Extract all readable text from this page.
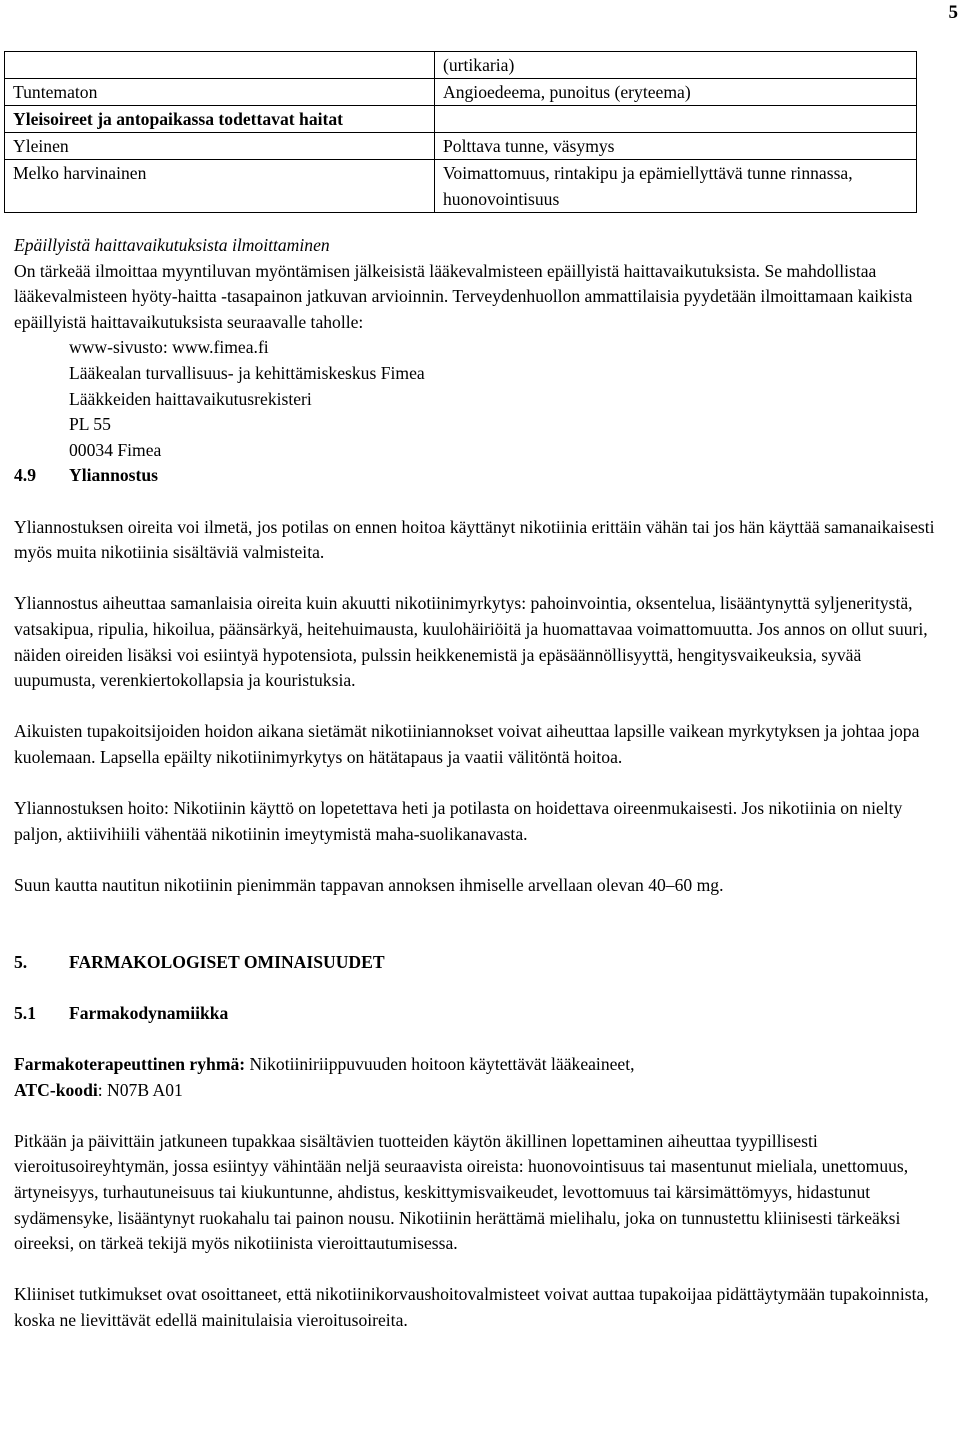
5
	(urtikaria)
Tuntematon	Angioedeema, punoitus (eryteema)
Yleisoireet ja antopaikassa todettavat haitat	
Yleinen	Polttava tunne, väsymys
Melko harvinainen	Voimattomuus, rintakipu ja epämiellyttävä tunne rinnassa, huonovointisuus

Epäillyistä haittavaikutuksista ilmoittaminen

On tärkeää ilmoittaa myyntiluvan myöntämisen jälkeisistä lääkevalmisteen epäillyistä haittavaikutuksista. Se mahdollistaa lääkevalmisteen hyöty-haitta -tasapainon jatkuvan arvioinnin. Terveydenhuollon ammattilaisia pyydetään ilmoittamaan kaikista epäillyistä haittavaikutuksista seuraavalle taholle:

www-sivusto: www.fimea.fi

Lääkealan turvallisuus- ja kehittämiskeskus Fimea

Lääkkeiden haittavaikutusrekisteri

PL 55

00034 Fimea

4.9	Yliannostus

Yliannostuksen oireita voi ilmetä, jos potilas on ennen hoitoa käyttänyt nikotiinia erittäin vähän tai jos hän käyttää samanaikaisesti myös muita nikotiinia sisältäviä valmisteita.

Yliannostus aiheuttaa samanlaisia oireita kuin akuutti nikotiinimyrkytys: pahoinvointia, oksentelua, lisääntynyttä syljeneritystä, vatsakipua, ripulia, hikoilua, päänsärkyä, heitehuimausta, kuulohäiriöitä ja huomattavaa voimattomuutta. Jos annos on ollut suuri, näiden oireiden lisäksi voi esiintyä hypotensiota, pulssin heikkenemistä ja epäsäännöllisyyttä, hengitysvaikeuksia, syvää uupumusta, verenkiertokollapsia ja kouristuksia.

Aikuisten tupakoitsijoiden hoidon aikana sietämät nikotiiniannokset voivat aiheuttaa lapsille vaikean myrkytyksen ja johtaa jopa kuolemaan. Lapsella epäilty nikotiinimyrkytys on hätätapaus ja vaatii välitöntä hoitoa.

Yliannostuksen hoito: Nikotiinin käyttö on lopetettava heti ja potilasta on hoidettava oireenmukaisesti. Jos nikotiinia on nielty paljon, aktiivihiili vähentää nikotiinin imeytymistä maha-suolikanavasta.

Suun kautta nautitun nikotiinin pienimmän tappavan annoksen ihmiselle arvellaan olevan 40–60 mg.

5.	FARMAKOLOGISET OMINAISUUDET
5.1	Farmakodynamiikka

Farmakoterapeuttinen ryhmä: Nikotiiniriippuvuuden hoitoon käytettävät lääkeaineet,

ATC-koodi: N07B A01

Pitkään ja päivittäin jatkuneen tupakkaa sisältävien tuotteiden käytön äkillinen lopettaminen aiheuttaa tyypillisesti vieroitusoireyhtymän, jossa esiintyy vähintään neljä seuraavista oireista: huonovointisuus tai masentunut mieliala, unettomuus, ärtyneisyys, turhautuneisuus tai kiukuntunne, ahdistus, keskittymisvaikeudet, levottomuus tai kärsimättömyys, hidastunut sydämensyke, lisääntynyt ruokahalu tai painon nousu. Nikotiinin herättämä mielihalu, joka on tunnustettu kliinisesti tärkeäksi oireeksi, on tärkeä tekijä myös nikotiinista vieroittautumisessa.

Kliiniset tutkimukset ovat osoittaneet, että nikotiinikorvaushoitovalmisteet voivat auttaa tupakoijaa pidättäytymään tupakoinnista, koska ne lievittävät edellä mainitulaisia vieroitusoireita.
